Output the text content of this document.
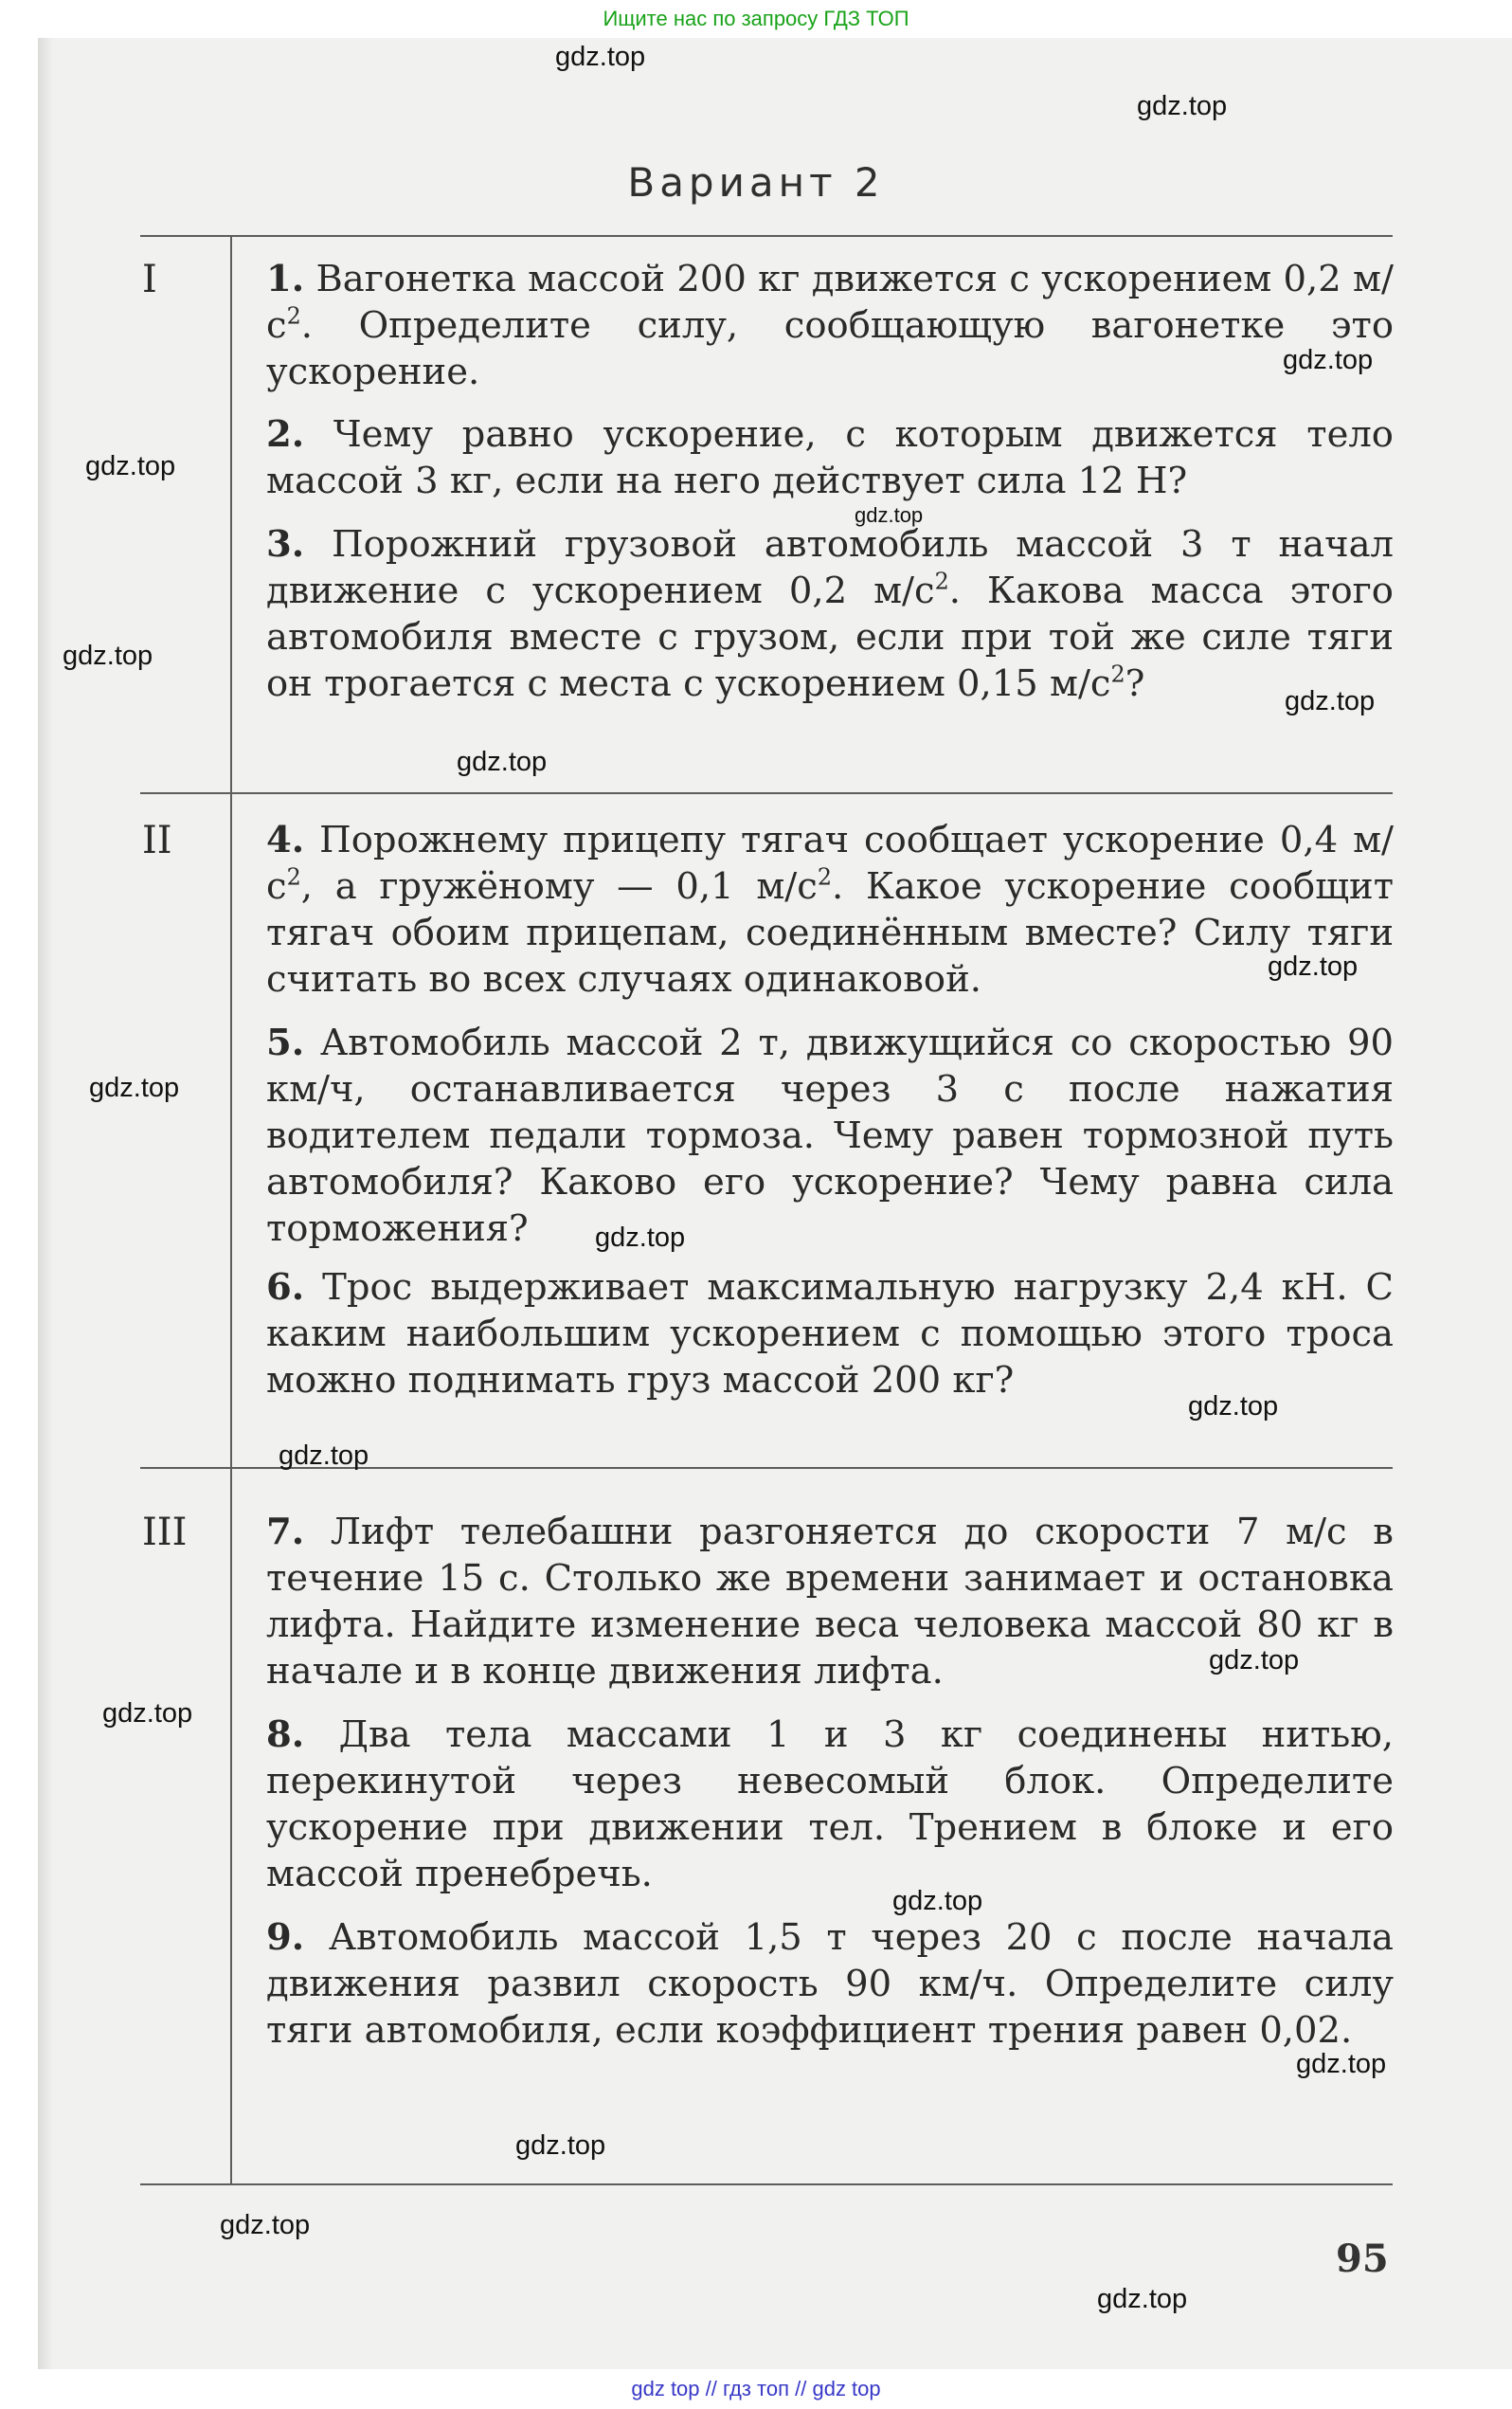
Ищите нас по запросу ГДЗ ТОП
Вариант 2
I
II
III
1. Вагонетка массой 200 кг движется с ускорением 0,2 $м/с^2$. Определите силу, сообщающую вагонетке это ускорение.
2. Чему равно ускорение, с которым движется тело массой 3 кг, если на него действует сила 12 Н?
3. Порожний грузовой автомобиль массой 3 т начал движение с ускорением 0,2 $м/с^2$. Какова масса этого автомобиля вместе с грузом, если при той же силе тяги он трогается с места с ускорением 0,15 $м/с^2$?
4. Порожнему прицепу тягач сообщает ускорение 0,4 $м/с^2$, а гружёному — 0,1 $м/с^2$. Какое ускорение сообщит тягач обоим прицепам, соединённым вместе? Силу тяги считать во всех случаях одинаковой.
5. Автомобиль массой 2 т, движущийся со скоростью 90 км/ч, останавливается через 3 с после нажатия водителем педали тормоза. Чему равен тормозной путь автомобиля? Каково его ускорение? Чему равна сила торможения?
6. Трос выдерживает максимальную нагрузку 2,4 кН. С каким наибольшим ускорением с помощью этого троса можно поднимать груз массой 200 кг?
7. Лифт телебашни разгоняется до скорости 7 м/с в течение 15 с. Столько же времени занимает и остановка лифта. Найдите изменение веса человека массой 80 кг в начале и в конце движения лифта.
8. Два тела массами 1 и 3 кг соединены нитью, перекинутой через невесомый блок. Определите ускорение при движении тел. Трением в блоке и его массой пренебречь.
9. Автомобиль массой 1,5 т через 20 с после начала движения развил скорость 90 км/ч. Определите силу тяги автомобиля, если коэффициент трения равен 0,02.
95
gdz.top
gdz.top
gdz.top
gdz.top
gdz.top
gdz.top
gdz.top
gdz.top
gdz.top
gdz.top
gdz.top
gdz.top
gdz.top
gdz.top
gdz.top
gdz.top
gdz.top
gdz.top
gdz.top
gdz.top
gdz top // гдз топ // gdz top
